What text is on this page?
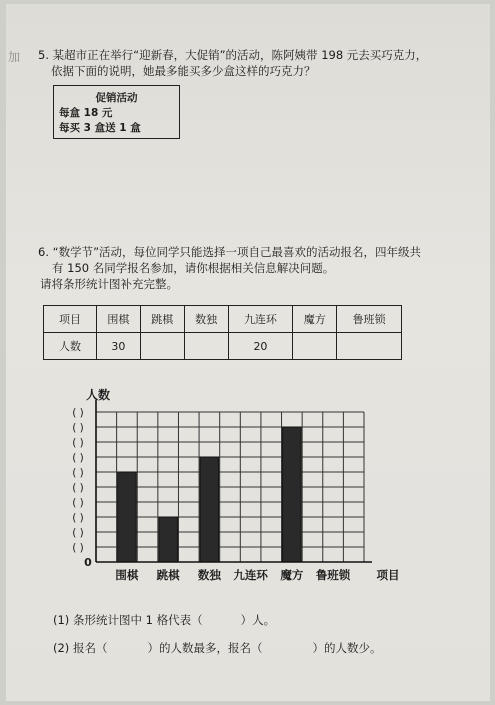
加 5. 某超市正在举行“迎新春，大促销”的活动，陈阿姨带 198 元去买巧克力，
依据下面的说明，她最多能买多少盒这样的巧克力？
促销活动
每盒 18 元
每买 3 盒送 1 盒
6. “数学节”活动，每位同学只能选择一项自己最喜欢的活动报名，四年级共
有 150 名同学报名参加，请你根据相关信息解决问题。
请将条形统计图补充完整。
项目	围棋	跳棋	数独	九连环	魔方	鲁班锁
人数	30			20		
围棋 跳棋 数独 九连环 魔方 鲁班锁
人数
0
项目
( )
( )
( )
( )
( )
( )
( )
( )
( )
( )
(1) 条形统计图中 1 格代表（	）人。
(2) 报名（	）的人数最多，报名（	）的人数少。
